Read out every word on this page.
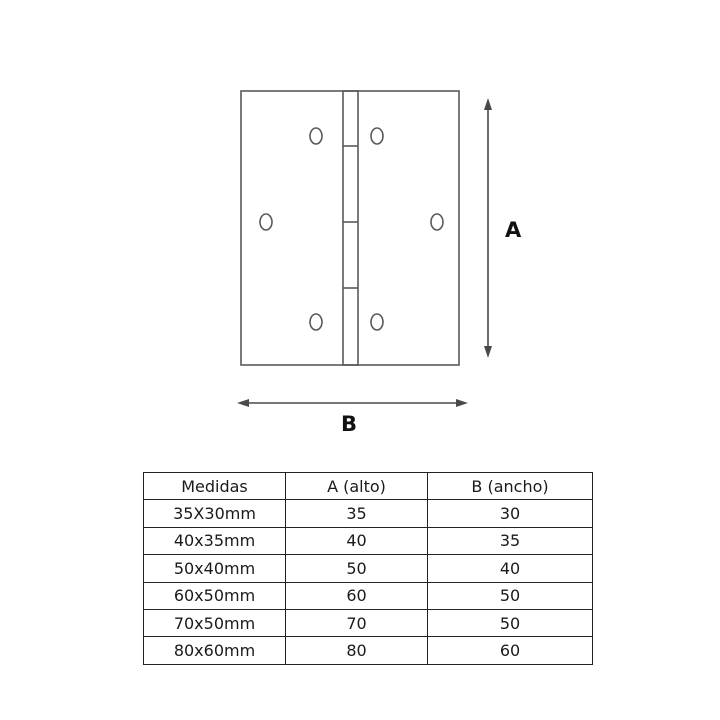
A
B
Medidas	A (alto)	B (ancho)
35X30mm	35	30
40x35mm	40	35
50x40mm	50	40
60x50mm	60	50
70x50mm	70	50
80x60mm	80	60
